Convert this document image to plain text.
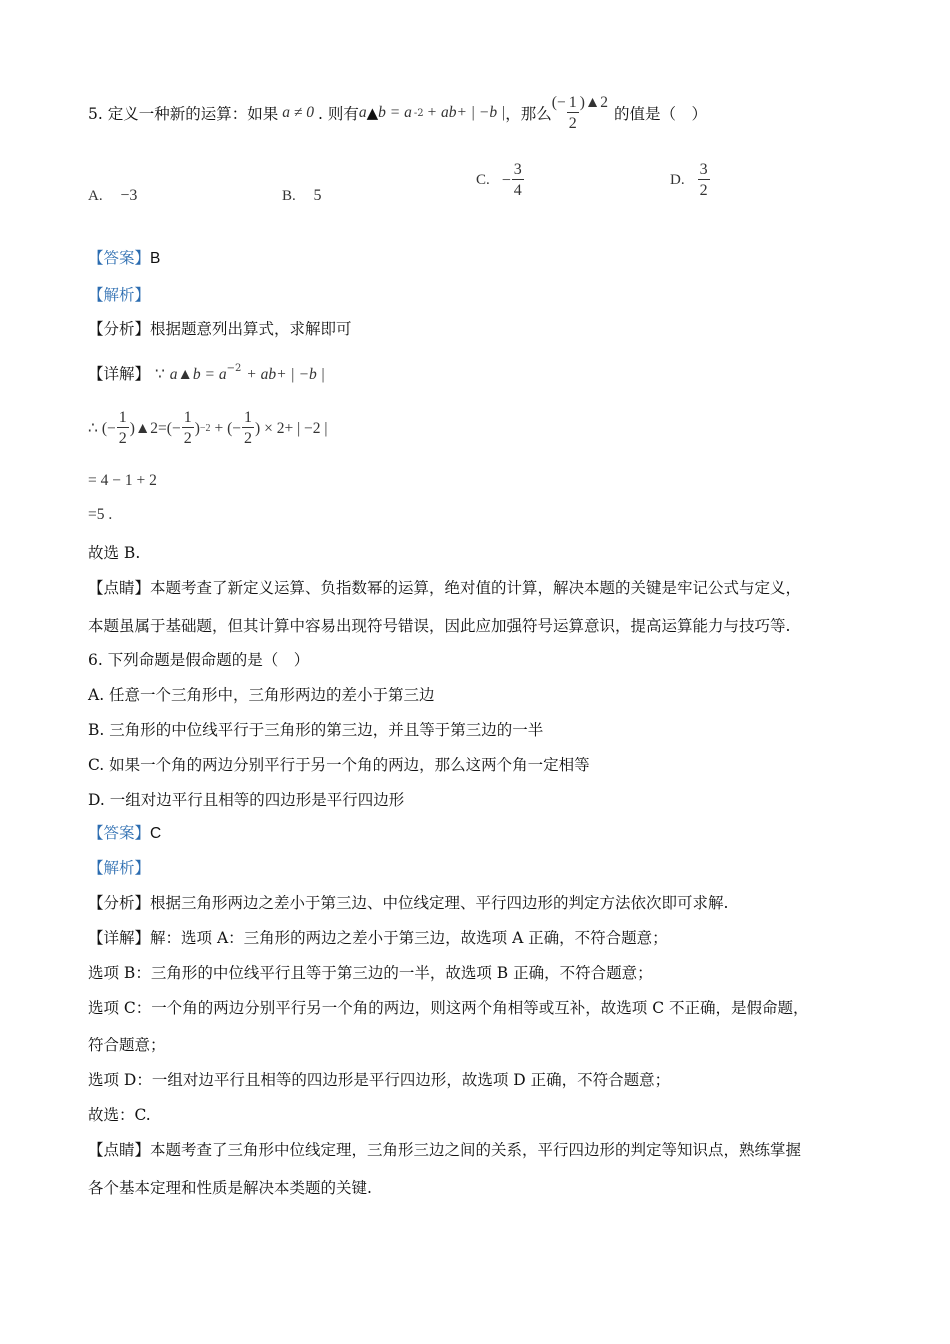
5. 定义一种新的运算：如果 a ≠ 0 . 则有 a ▲ b = a -2 + ab+ | −b | ，那么
(− $\frac{1}{2}$ ) ▲2
的值是（　）
A. −3	B. 5
C. − $\frac{3}{4}$	D. $\frac{3}{2}$
【答案】B
【解析】
【分析】根据题意列出算式，求解即可
【详解】 ∵ a▲b = $a^{-2} + ab+$ | −b |
∴ (− $\frac{1}{2}$ ) ▲2 = (− $\frac{1}{2}$ ) −2 + (− $\frac{1}{2}$ ) × 2+ | −2 |
= 4 − 1 + 2
=5 .
故选 B.
【点睛】本题考查了新定义运算、负指数幂的运算，绝对值的计算，解决本题的关键是牢记公式与定义，
本题虽属于基础题，但其计算中容易出现符号错误，因此应加强符号运算意识，提高运算能力与技巧等.
6. 下列命题是假命题的是（　）
A. 任意一个三角形中，三角形两边的差小于第三边
B. 三角形的中位线平行于三角形的第三边，并且等于第三边的一半
C. 如果一个角的两边分别平行于另一个角的两边，那么这两个角一定相等
D. 一组对边平行且相等的四边形是平行四边形
【答案】C
【解析】
【分析】根据三角形两边之差小于第三边、中位线定理、平行四边形的判定方法依次即可求解.
【详解】解：选项 A：三角形的两边之差小于第三边，故选项 A 正确，不符合题意；
选项 B：三角形的中位线平行且等于第三边的一半，故选项 B 正确，不符合题意；
选项 C：一个角的两边分别平行另一个角的两边，则这两个角相等或互补，故选项 C 不正确，是假命题，
符合题意；
选项 D：一组对边平行且相等的四边形是平行四边形，故选项 D 正确，不符合题意；
故选：C.
【点睛】本题考查了三角形中位线定理，三角形三边之间的关系，平行四边形的判定等知识点，熟练掌握
各个基本定理和性质是解决本类题的关键.
